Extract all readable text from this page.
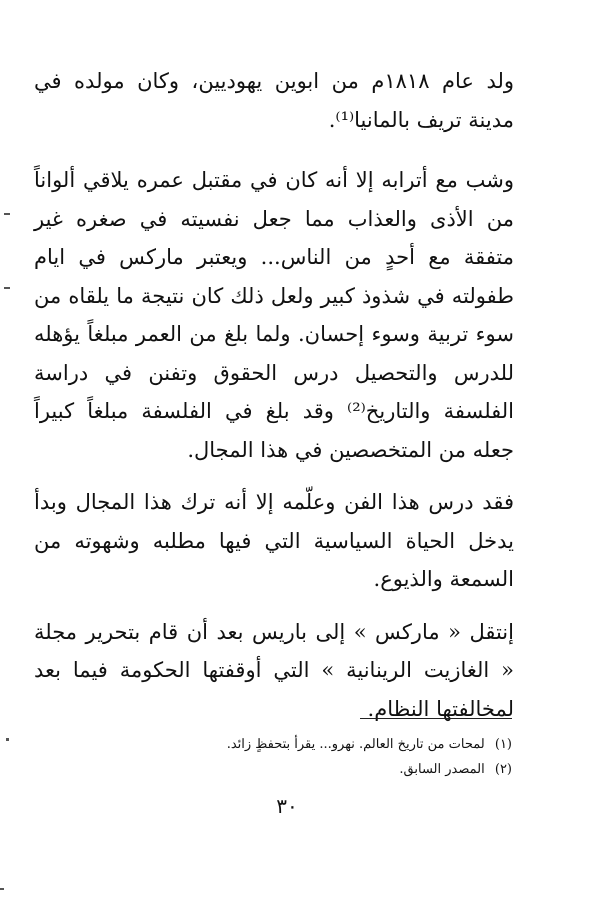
ولد عام ١٨١٨م من ابوين يهوديين، وكان مولده في مدينة تريف بالمانيا⁽¹⁾.

وشب مع أترابه إلا أنه كان في مقتبل عمره يلاقي ألواناً من الأذى والعذاب مما جعل نفسيته في صغره غير متفقة مع أحدٍ من الناس... ويعتبر ماركس في ايام طفولته في شذوذ كبير ولعل ذلك كان نتيجة ما يلقاه من سوء تربية وسوء إحسان. ولما بلغ من العمر مبلغاً يؤهله للدرس والتحصيل درس الحقوق وتفنن في دراسة الفلسفة والتاريخ⁽²⁾ وقد بلغ في الفلسفة مبلغاً كبيراً جعله من المتخصصين في هذا المجال.

فقد درس هذا الفن وعلّمه إلا أنه ترك هذا المجال وبدأ يدخل الحياة السياسية التي فيها مطلبه وشهوته من السمعة والذيوع.

إنتقل « ماركس » إلى باريس بعد أن قام بتحرير مجلة « الغازيت الرينانية » التي أوقفتها الحكومة فيما بعد لمخالفتها النظام.

(١) لمحات من تاريخ العالم. نهرو... يقرأ بتحفظٍ زائد.
(٢) المصدر السابق.
٣٠
